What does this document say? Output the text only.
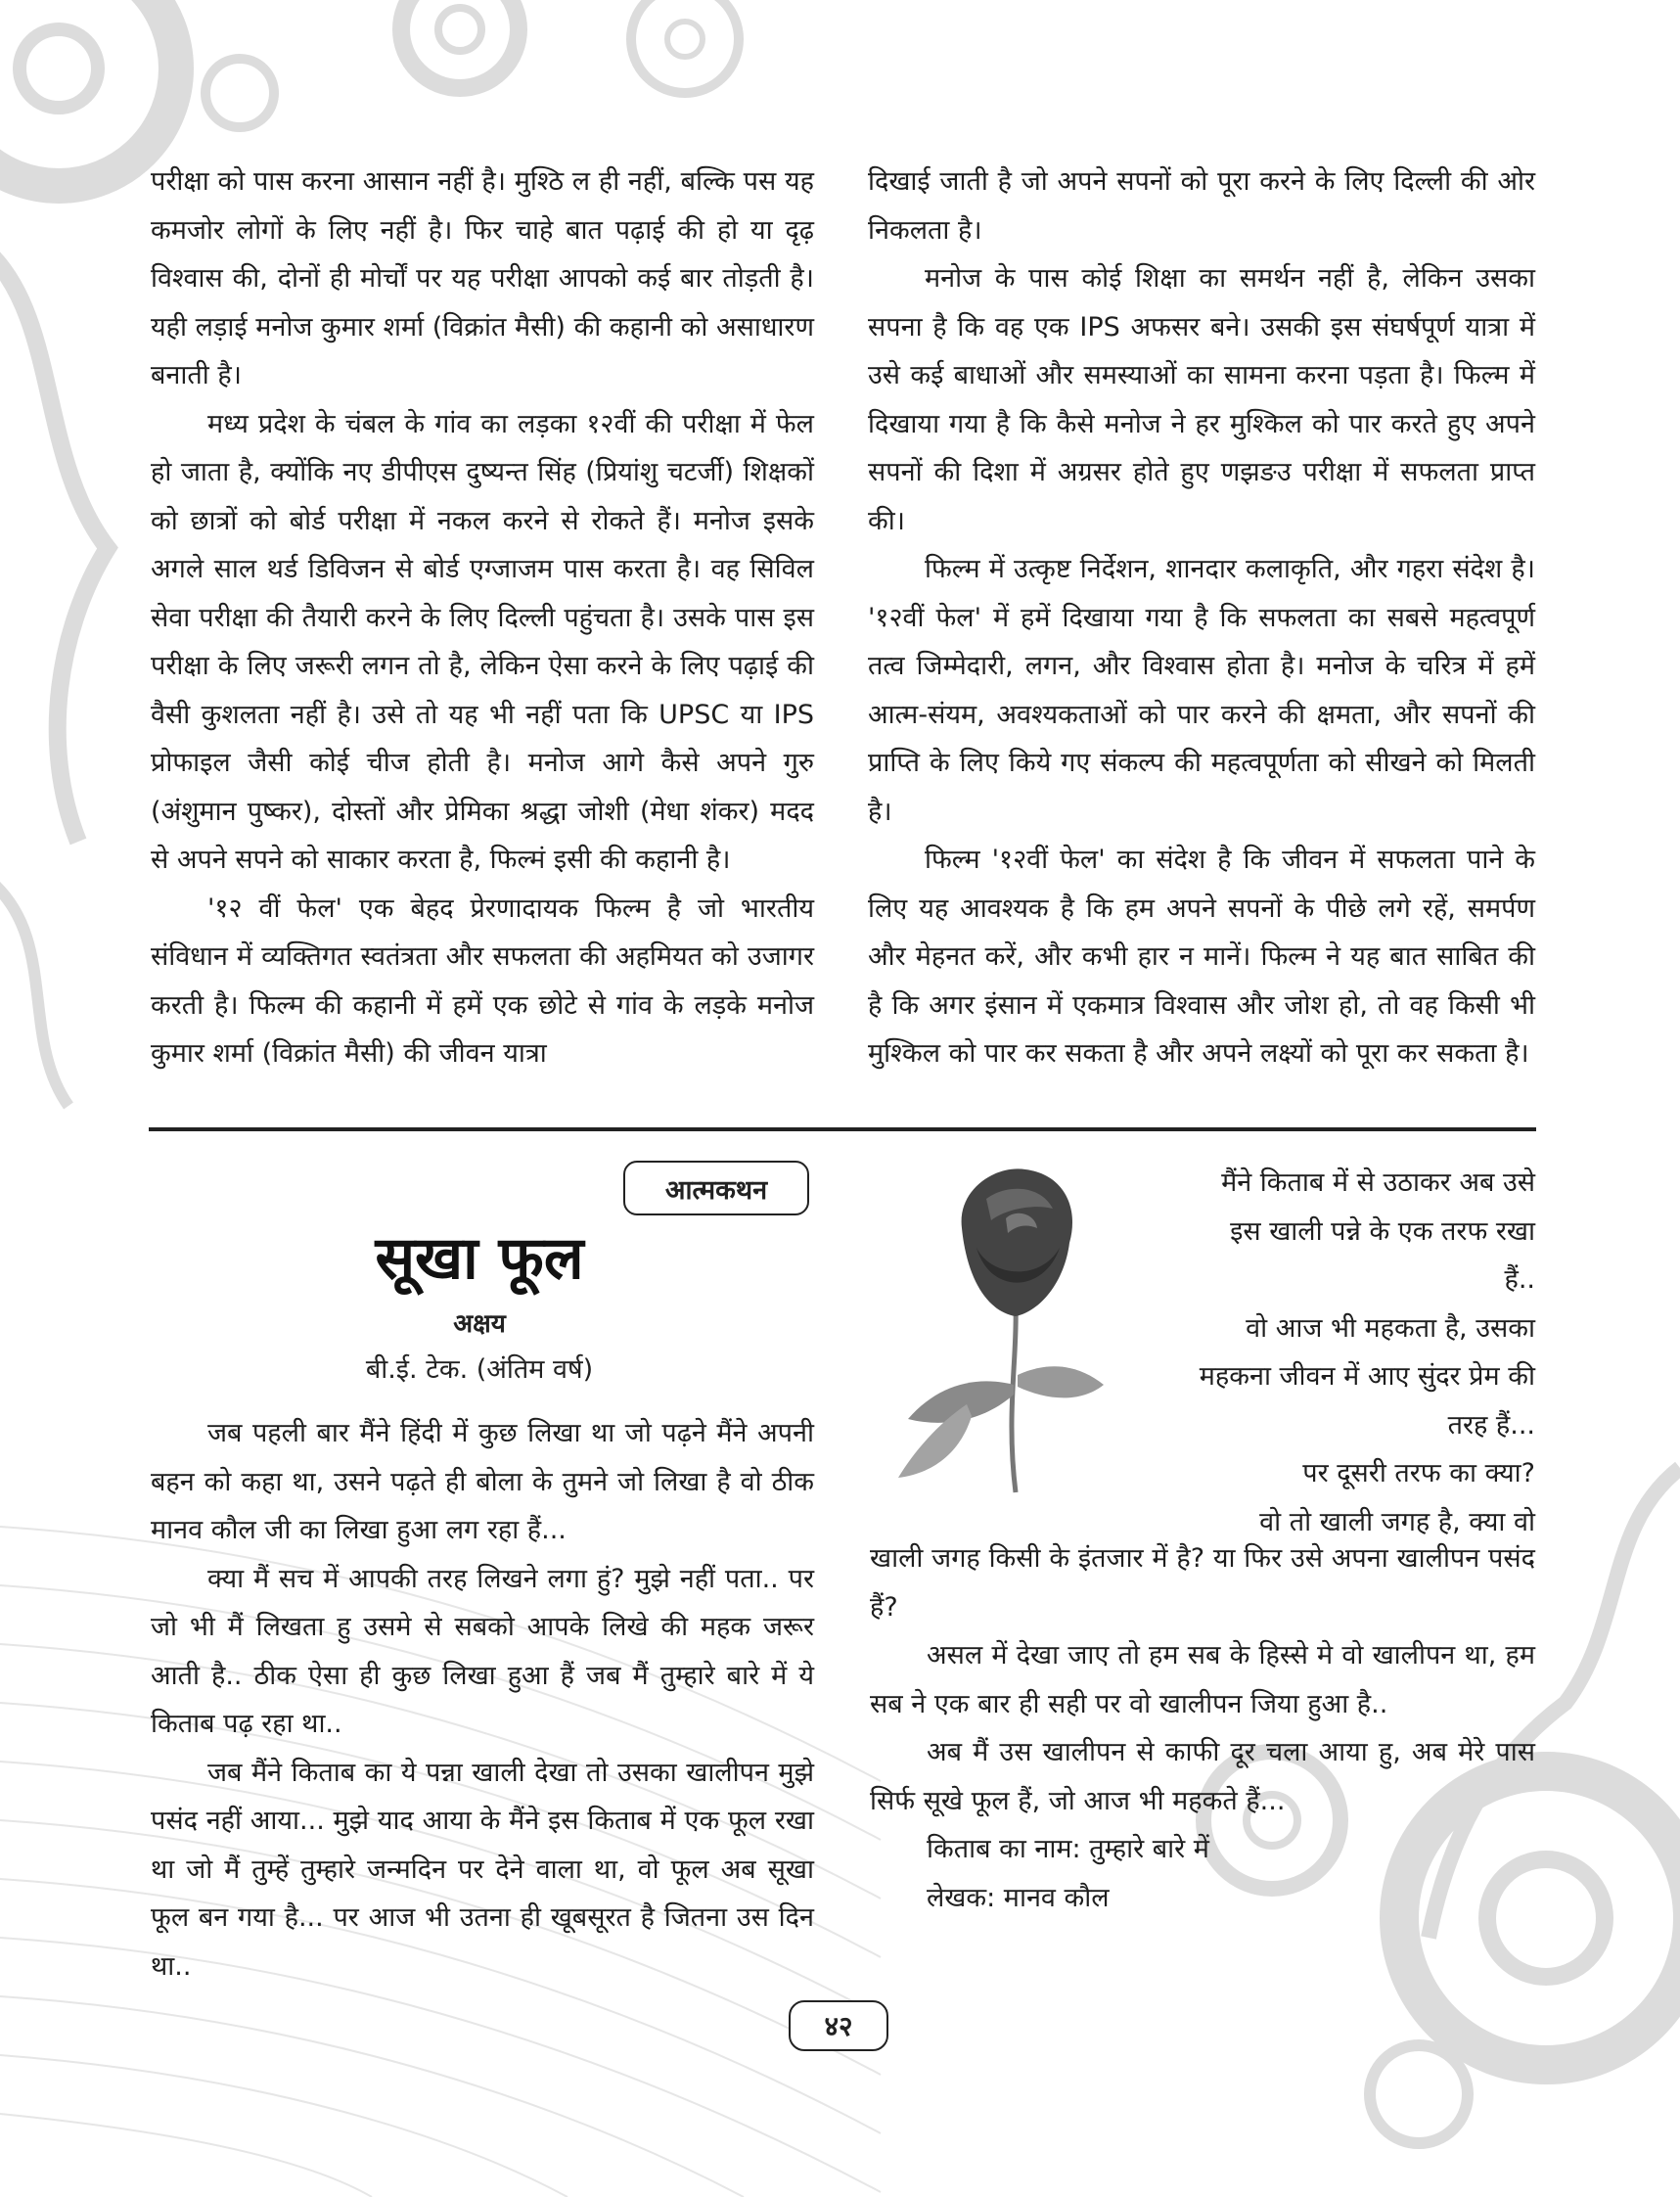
परीक्षा को पास करना आसान नहीं है। मुश्ठि ल ही नहीं, बल्कि पस यह कमजोर लोगों के लिए नहीं है। फिर चाहे बात पढ़ाई की हो या दृढ़ विश्वास की, दोनों ही मोर्चों पर यह परीक्षा आपको कई बार तोड़ती है। यही लड़ाई मनोज कुमार शर्मा (विक्रांत मैसी) की कहानी को असाधारण बनाती है।

मध्य प्रदेश के चंबल के गांव का लड़का १२वीं की परीक्षा में फेल हो जाता है, क्योंकि नए डीपीएस दुष्यन्त सिंह (प्रियांशु चटर्जी) शिक्षकों को छात्रों को बोर्ड परीक्षा में नकल करने से रोकते हैं। मनोज इसके अगले साल थर्ड डिविजन से बोर्ड एग्जाजम पास करता है। वह सिविल सेवा परीक्षा की तैयारी करने के लिए दिल्ली पहुंचता है। उसके पास इस परीक्षा के लिए जरूरी लगन तो है, लेकिन ऐसा करने के लिए पढ़ाई की वैसी कुशलता नहीं है। उसे तो यह भी नहीं पता कि UPSC या IPS प्रोफाइल जैसी कोई चीज होती है। मनोज आगे कैसे अपने गुरु (अंशुमान पुष्कर), दोस्तों और प्रेमिका श्रद्धा जोशी (मेधा शंकर) मदद से अपने सपने को साकार करता है, फिल्मं इसी की कहानी है।

'१२ वीं फेल' एक बेहद प्रेरणादायक फिल्म है जो भारतीय संविधान में व्यक्तिगत स्वतंत्रता और सफलता की अहमियत को उजागर करती है। फिल्म की कहानी में हमें एक छोटे से गांव के लड़के मनोज कुमार शर्मा (विक्रांत मैसी) की जीवन यात्रा

दिखाई जाती है जो अपने सपनों को पूरा करने के लिए दिल्ली की ओर निकलता है।

मनोज के पास कोई शिक्षा का समर्थन नहीं है, लेकिन उसका सपना है कि वह एक IPS अफसर बने। उसकी इस संघर्षपूर्ण यात्रा में उसे कई बाधाओं और समस्याओं का सामना करना पड़ता है। फिल्म में दिखाया गया है कि कैसे मनोज ने हर मुश्किल को पार करते हुए अपने सपनों की दिशा में अग्रसर होते हुए णझङउ परीक्षा में सफलता प्राप्त की।

फिल्म में उत्कृष्ट निर्देशन, शानदार कलाकृति, और गहरा संदेश है। '१२वीं फेल' में हमें दिखाया गया है कि सफलता का सबसे महत्वपूर्ण तत्व जिम्मेदारी, लगन, और विश्वास होता है। मनोज के चरित्र में हमें आत्म-संयम, अवश्यकताओं को पार करने की क्षमता, और सपनों की प्राप्ति के लिए किये गए संकल्प की महत्वपूर्णता को सीखने को मिलती है।

फिल्म '१२वीं फेल' का संदेश है कि जीवन में सफलता पाने के लिए यह आवश्यक है कि हम अपने सपनों के पीछे लगे रहें, समर्पण और मेहनत करें, और कभी हार न मानें। फिल्म ने यह बात साबित की है कि अगर इंसान में एकमात्र विश्वास और जोश हो, तो वह किसी भी मुश्किल को पार कर सकता है और अपने लक्ष्यों को पूरा कर सकता है।

आत्मकथन
सूखा फूल
अक्षय
बी.ई. टेक. (अंतिम वर्ष)

जब पहली बार मैंने हिंदी में कुछ लिखा था जो पढ़ने मैंने अपनी बहन को कहा था, उसने पढ़ते ही बोला के तुमने जो लिखा है वो ठीक मानव कौल जी का लिखा हुआ लग रहा हैं...

क्या मैं सच में आपकी तरह लिखने लगा हुं? मुझे नहीं पता.. पर जो भी मैं लिखता हु उसमे से सबको आपके लिखे की महक जरूर आती है.. ठीक ऐसा ही कुछ लिखा हुआ हैं जब मैं तुम्हारे बारे में ये किताब पढ़ रहा था..

जब मैंने किताब का ये पन्ना खाली देखा तो उसका खालीपन मुझे पसंद नहीं आया... मुझे याद आया के मैंने इस किताब में एक फूल रखा था जो मैं तुम्हें तुम्हारे जन्मदिन पर देने वाला था, वो फूल अब सूखा फूल बन गया है... पर आज भी उतना ही खूबसूरत है जितना उस दिन था..

मैंने किताब में से उठाकर अब उसे इस खाली पन्ने के एक तरफ रखा हैं..

वो आज भी महकता है, उसका महकना जीवन में आए सुंदर प्रेम की तरह हैं...

पर दूसरी तरफ का क्या?

वो तो खाली जगह है, क्या वो

खाली जगह किसी के इंतजार में है? या फिर उसे अपना खालीपन पसंद हैं?

असल में देखा जाए तो हम सब के हिस्से मे वो खालीपन था, हम सब ने एक बार ही सही पर वो खालीपन जिया हुआ है..

अब मैं उस खालीपन से काफी दूर चला आया हु, अब मेरे पास सिर्फ सूखे फूल हैं, जो आज भी महकते हैं...

किताब का नाम: तुम्हारे बारे में

लेखक: मानव कौल

४२
